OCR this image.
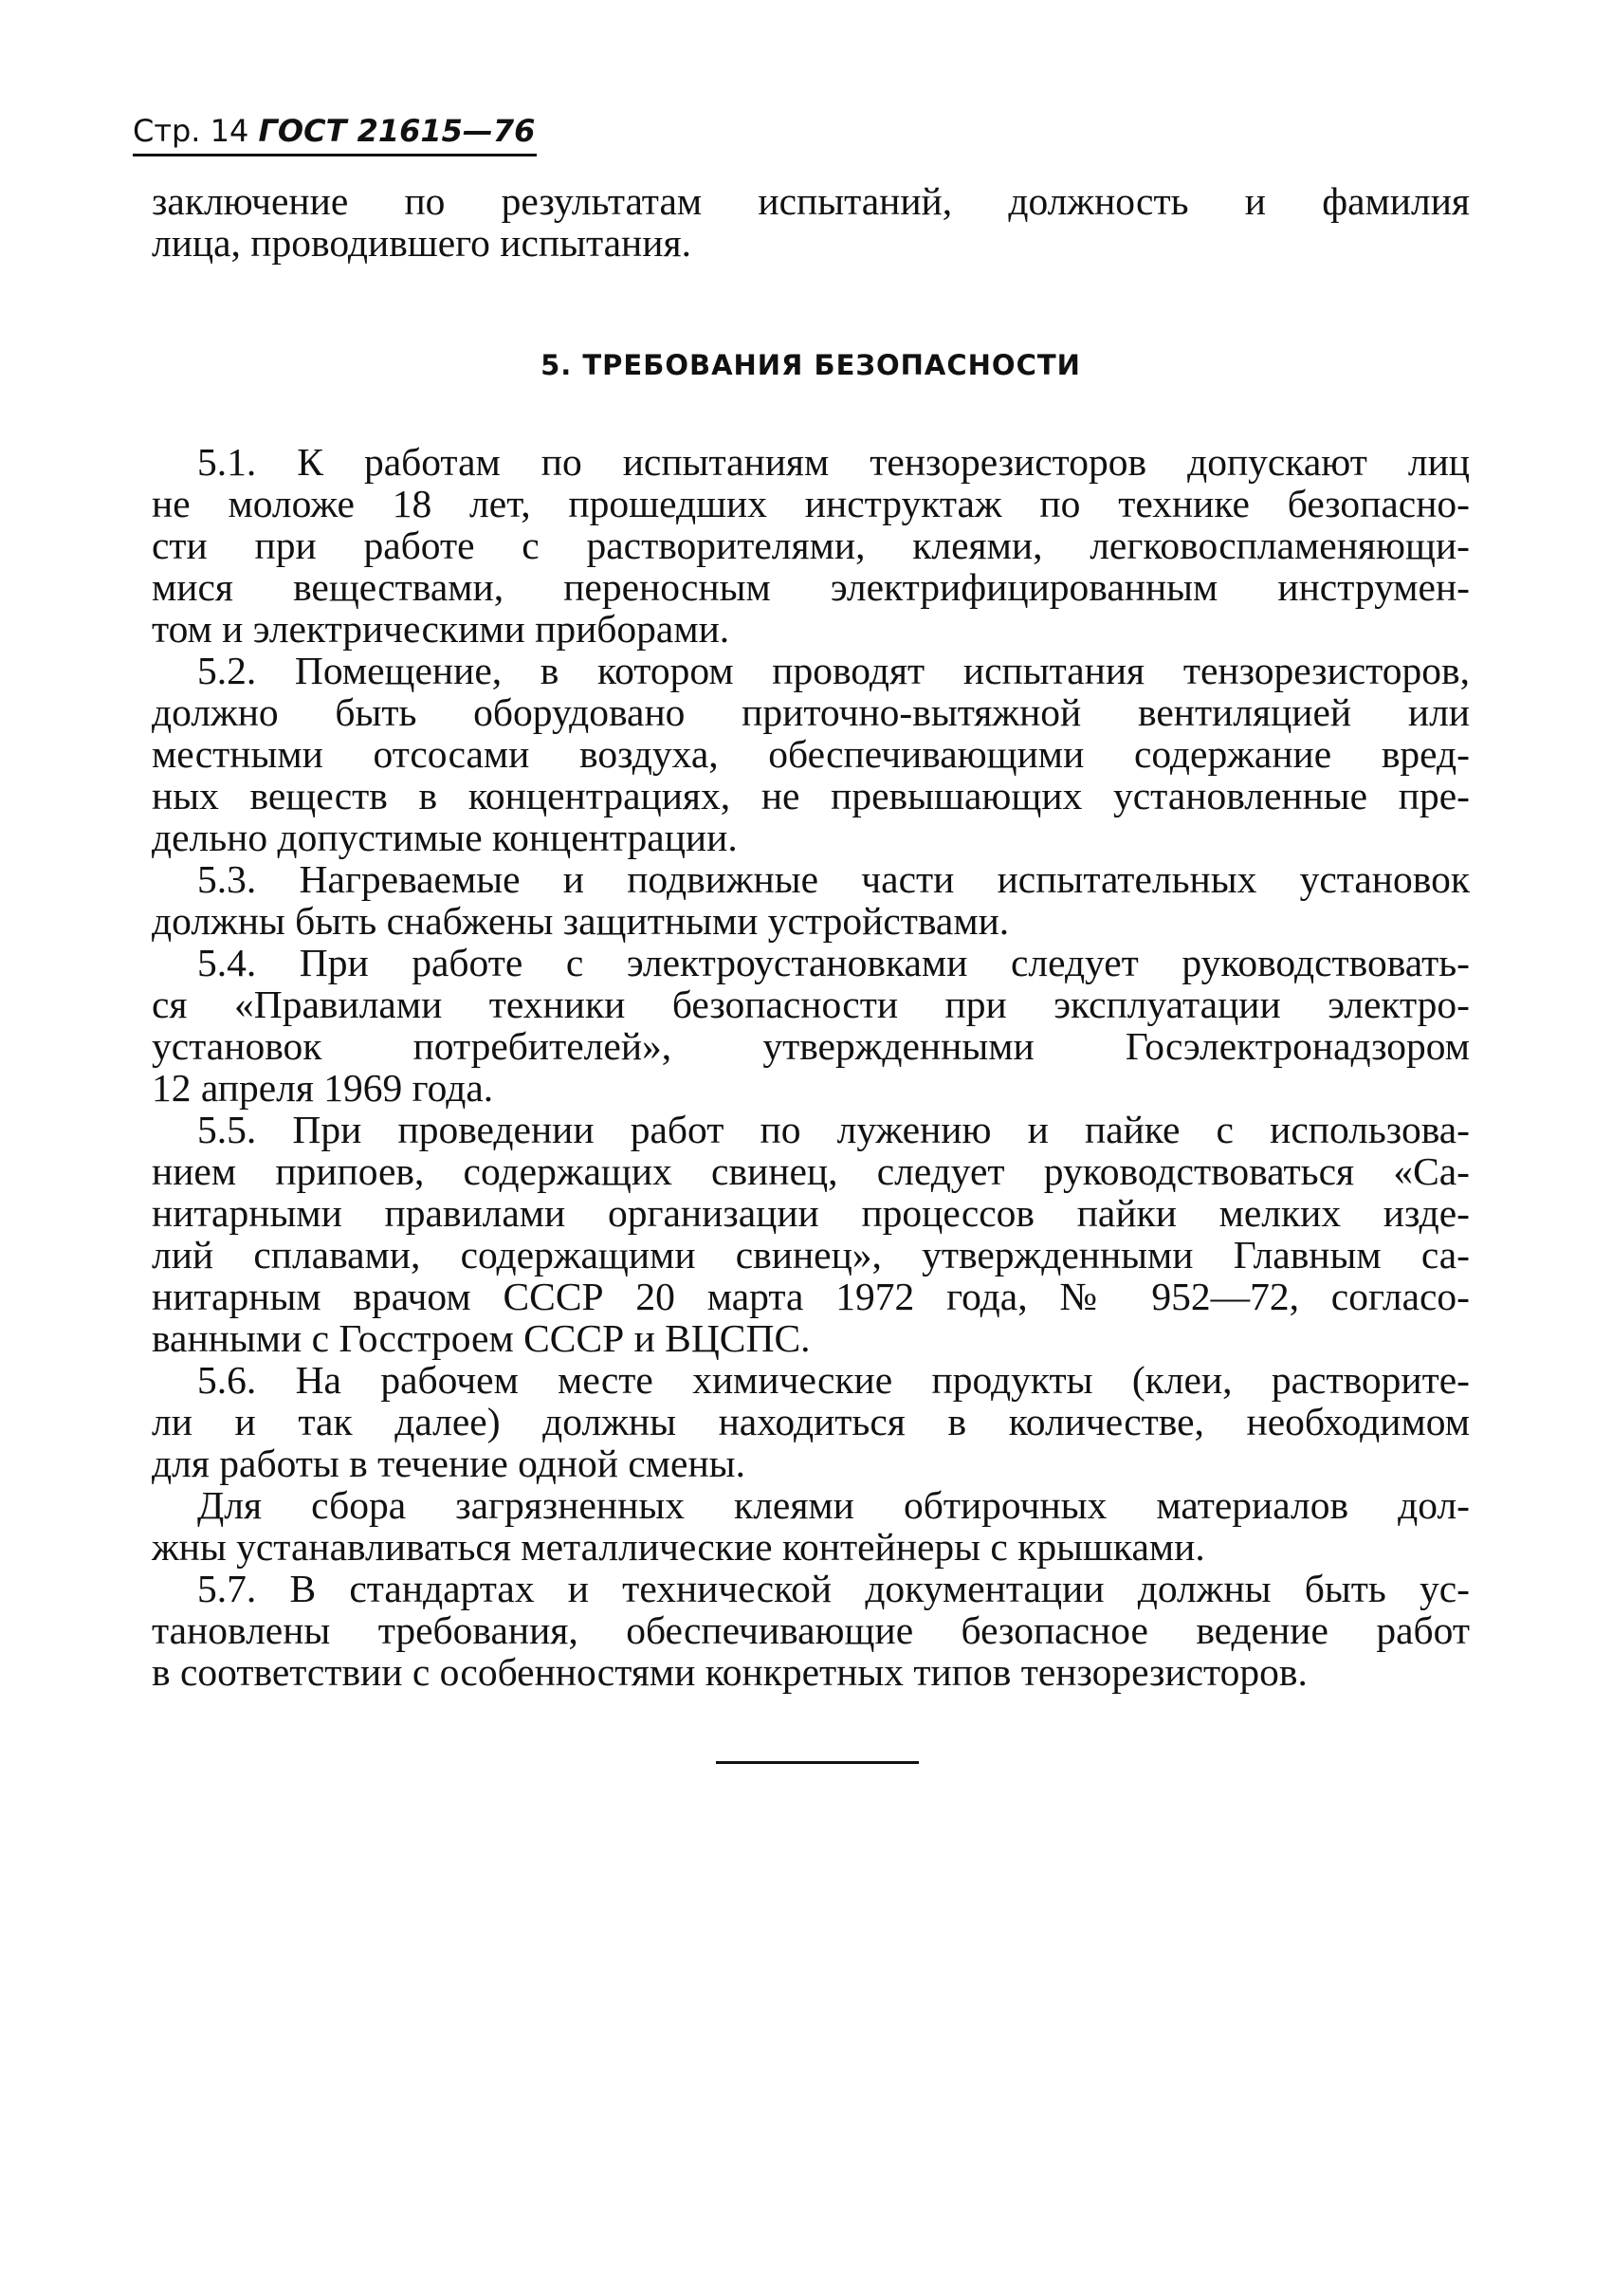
Стр. 14 ГОСТ 21615—76
заключение по результатам испытаний, должность и фамилия
лица, проводившего испытания.
5. ТРЕБОВАНИЯ БЕЗОПАСНОСТИ
5.1. К работам по испытаниям тензорезисторов допускают лиц
не моложе 18 лет, прошедших инструктаж по технике безопасно-
сти при работе с растворителями, клеями, легковоспламеняющи-
мися веществами, переносным электрифицированным инструмен-
том и электрическими приборами.
5.2. Помещение, в котором проводят испытания тензорезисторов,
должно быть оборудовано приточно-вытяжной вентиляцией или
местными отсосами воздуха, обеспечивающими содержание вред-
ных веществ в концентрациях, не превышающих установленные пре-
дельно допустимые концентрации.
5.3. Нагреваемые и подвижные части испытательных установок
должны быть снабжены защитными устройствами.
5.4. При работе с электроустановками следует руководствовать-
ся «Правилами техники безопасности при эксплуатации электро-
установок потребителей», утвержденными Госэлектронадзором
12 апреля 1969 года.
5.5. При проведении работ по лужению и пайке с использова-
нием припоев, содержащих свинец, следует руководствоваться «Са-
нитарными правилами организации процессов пайки мелких изде-
лий сплавами, содержащими свинец», утвержденными Главным са-
нитарным врачом СССР 20 марта 1972 года, № 952—72, согласо-
ванными с Госстроем СССР и ВЦСПС.
5.6. На рабочем месте химические продукты (клеи, растворите-
ли и так далее) должны находиться в количестве, необходимом
для работы в течение одной смены.
Для сбора загрязненных клеями обтирочных материалов дол-
жны устанавливаться металлические контейнеры с крышками.
5.7. В стандартах и технической документации должны быть ус-
тановлены требования, обеспечивающие безопасное ведение работ
в соответствии с особенностями конкретных типов тензорезисторов.
